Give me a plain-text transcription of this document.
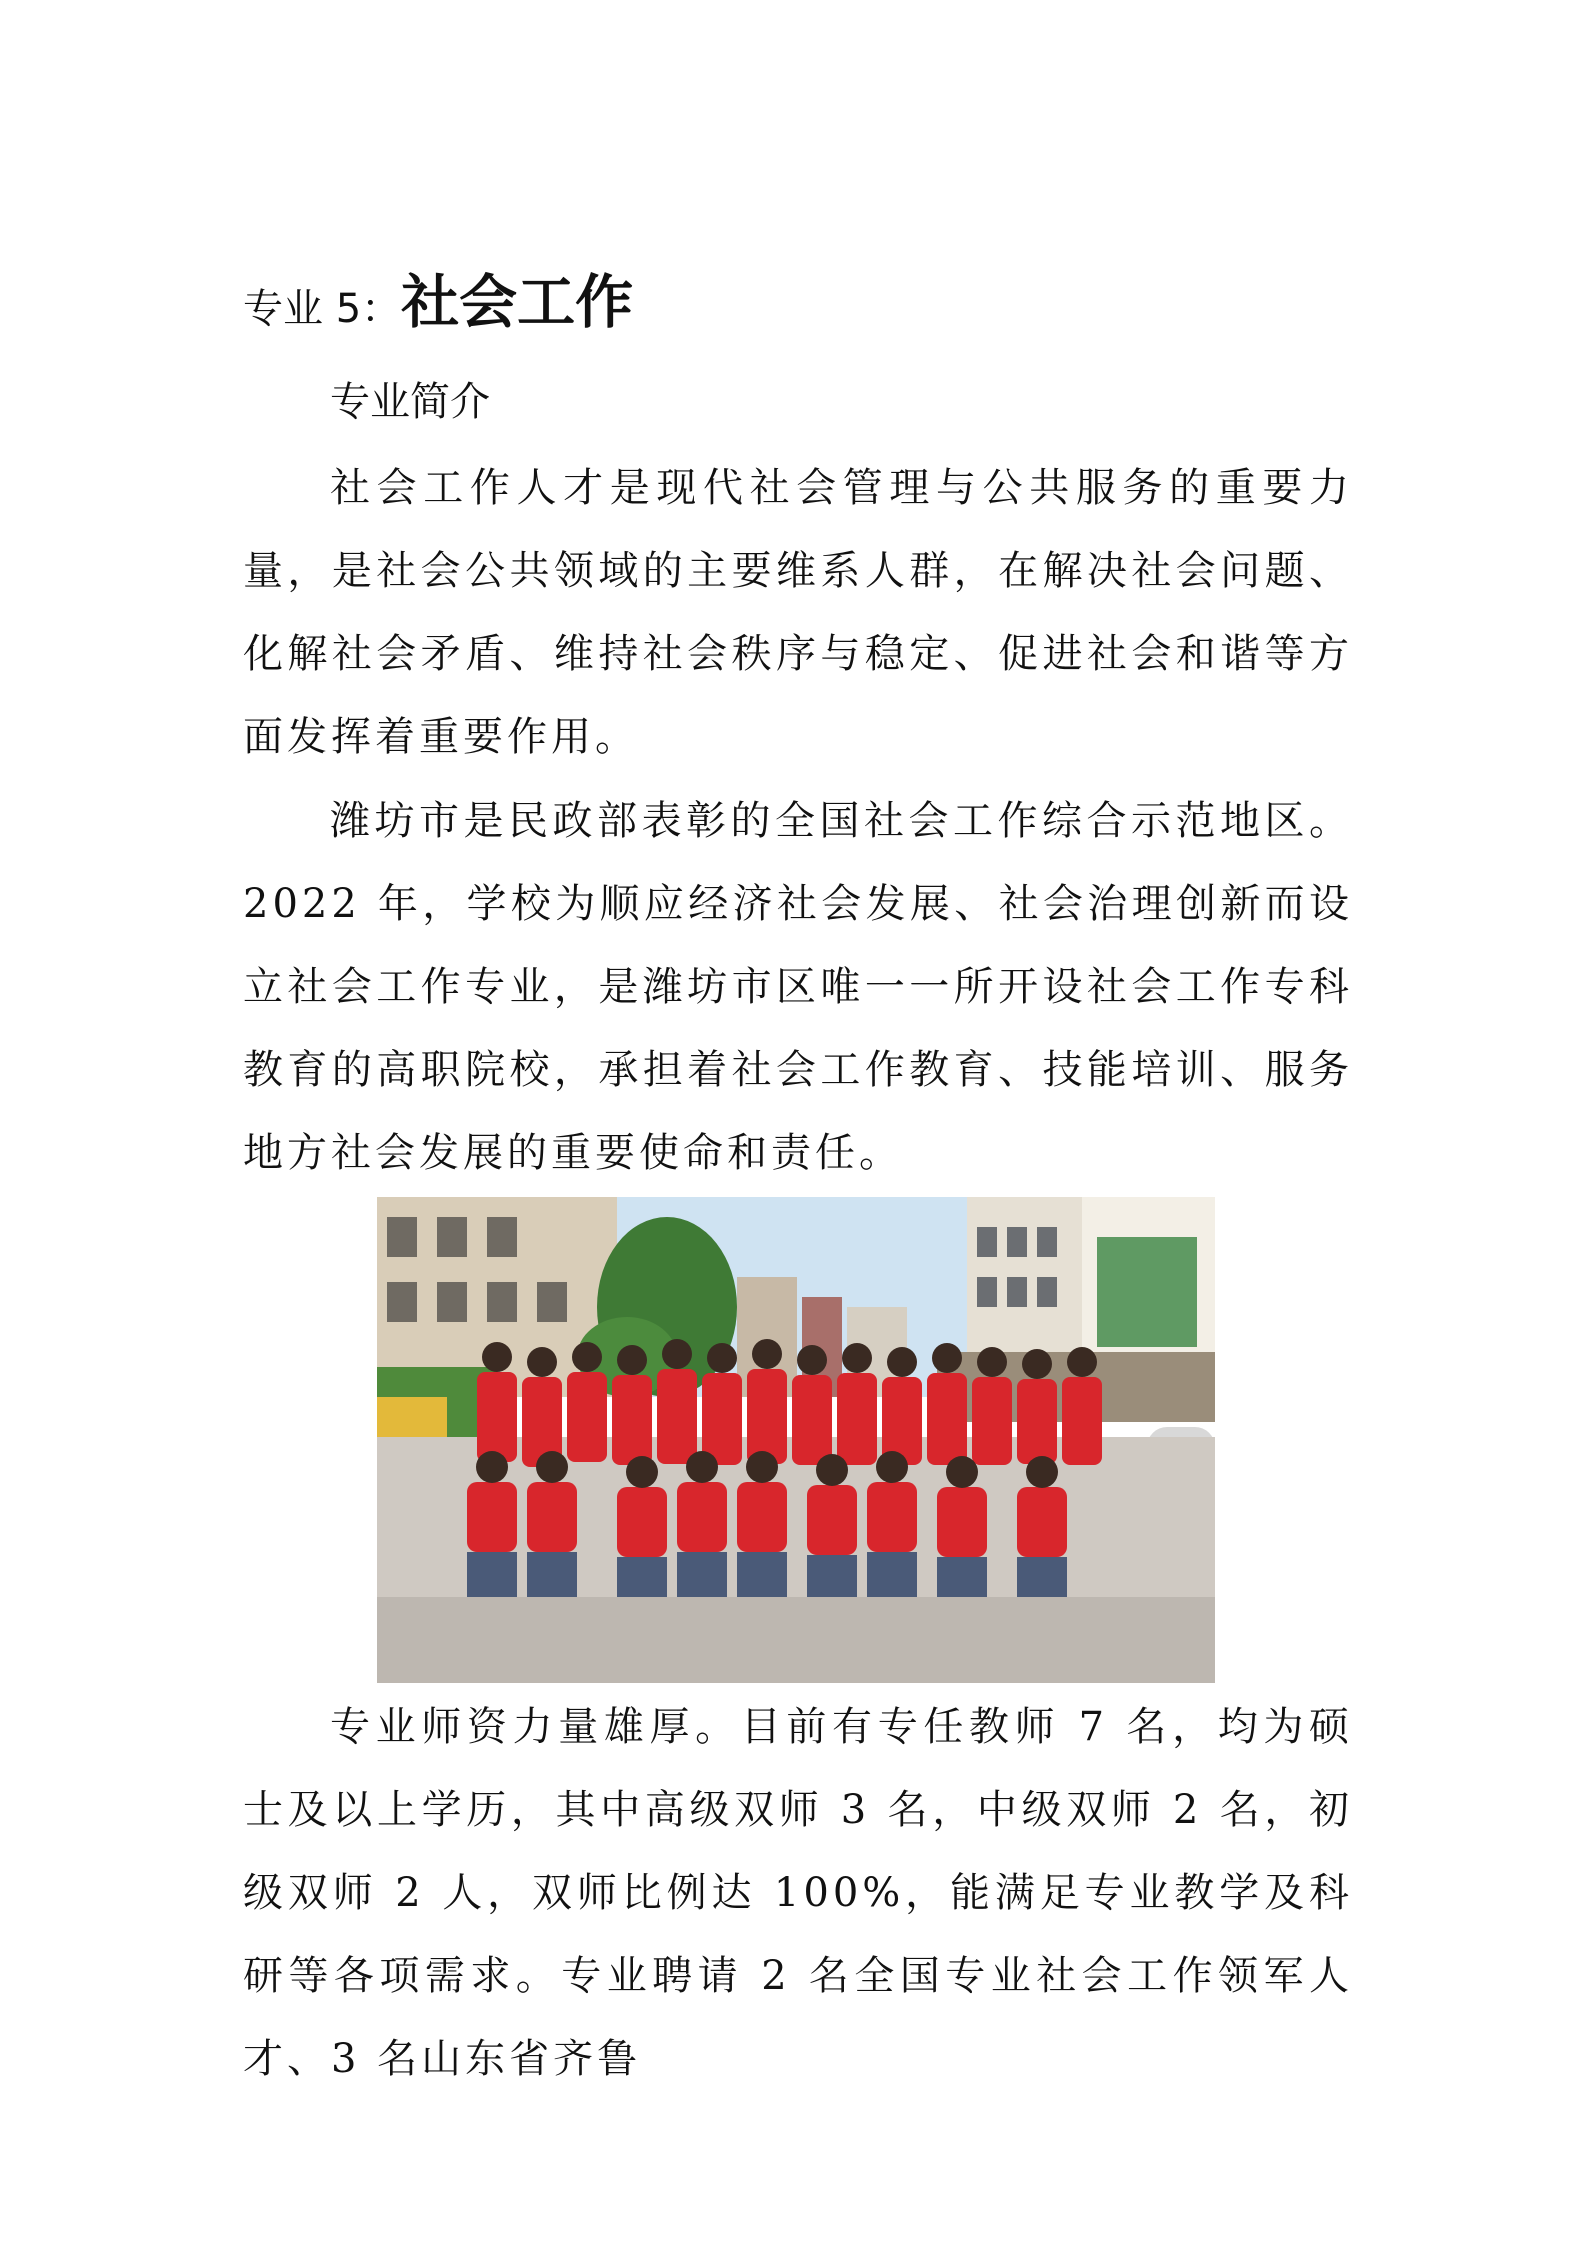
专业 5：社会工作
专业简介

社会工作人才是现代社会管理与公共服务的重要力量，是社会公共领域的主要维系人群，在解决社会问题、化解社会矛盾、维持社会秩序与稳定、促进社会和谐等方面发挥着重要作用。

潍坊市是民政部表彰的全国社会工作综合示范地区。2022 年，学校为顺应经济社会发展、社会治理创新而设立社会工作专业，是潍坊市区唯一一所开设社会工作专科教育的高职院校，承担着社会工作教育、技能培训、服务地方社会发展的重要使命和责任。

专业师资力量雄厚。目前有专任教师 7 名，均为硕士及以上学历，其中高级双师 3 名，中级双师 2 名，初级双师 2 人，双师比例达 100%，能满足专业教学及科研等各项需求。专业聘请 2 名全国专业社会工作领军人才、3 名山东省齐鲁
